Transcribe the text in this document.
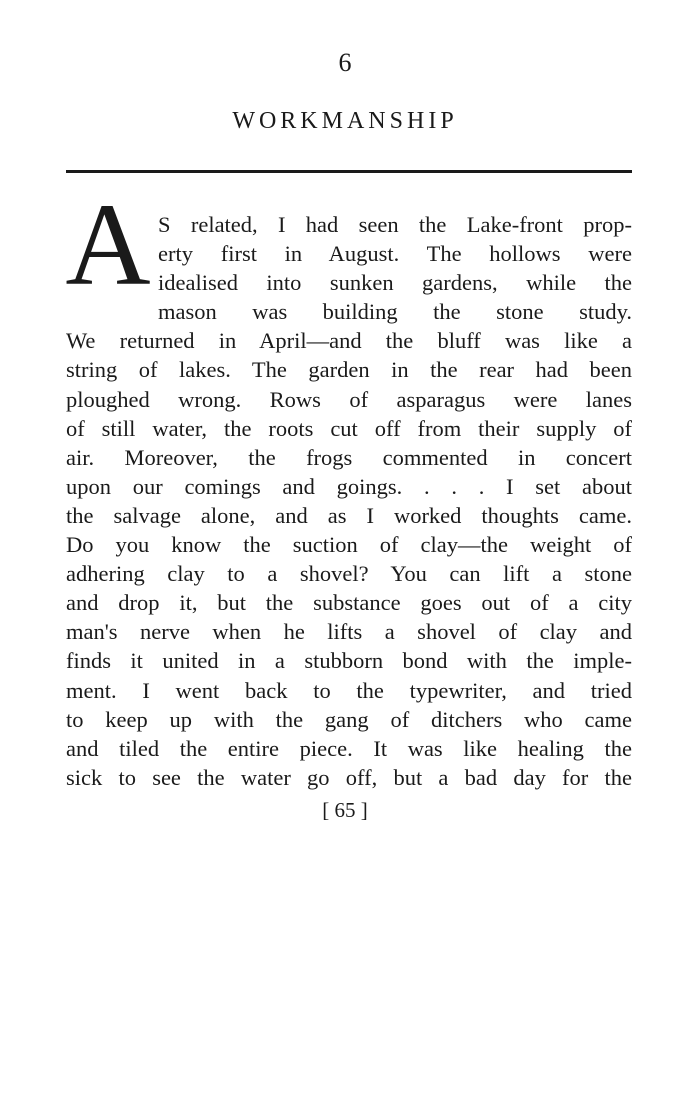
6
WORKMANSHIP
A S related, I had seen the Lake-front prop-
erty first in August. The hollows were
idealised into sunken gardens, while the
mason was building the stone study.
We returned in April—and the bluff was like a
string of lakes. The garden in the rear had been
ploughed wrong. Rows of asparagus were lanes
of still water, the roots cut off from their supply of
air. Moreover, the frogs commented in concert
upon our comings and goings. . . . I set about
the salvage alone, and as I worked thoughts came.
Do you know the suction of clay—the weight of
adhering clay to a shovel? You can lift a stone
and drop it, but the substance goes out of a city
man's nerve when he lifts a shovel of clay and
finds it united in a stubborn bond with the imple-
ment. I went back to the typewriter, and tried
to keep up with the gang of ditchers who came
and tiled the entire piece. It was like healing the
sick to see the water go off, but a bad day for the
[ 65 ]
